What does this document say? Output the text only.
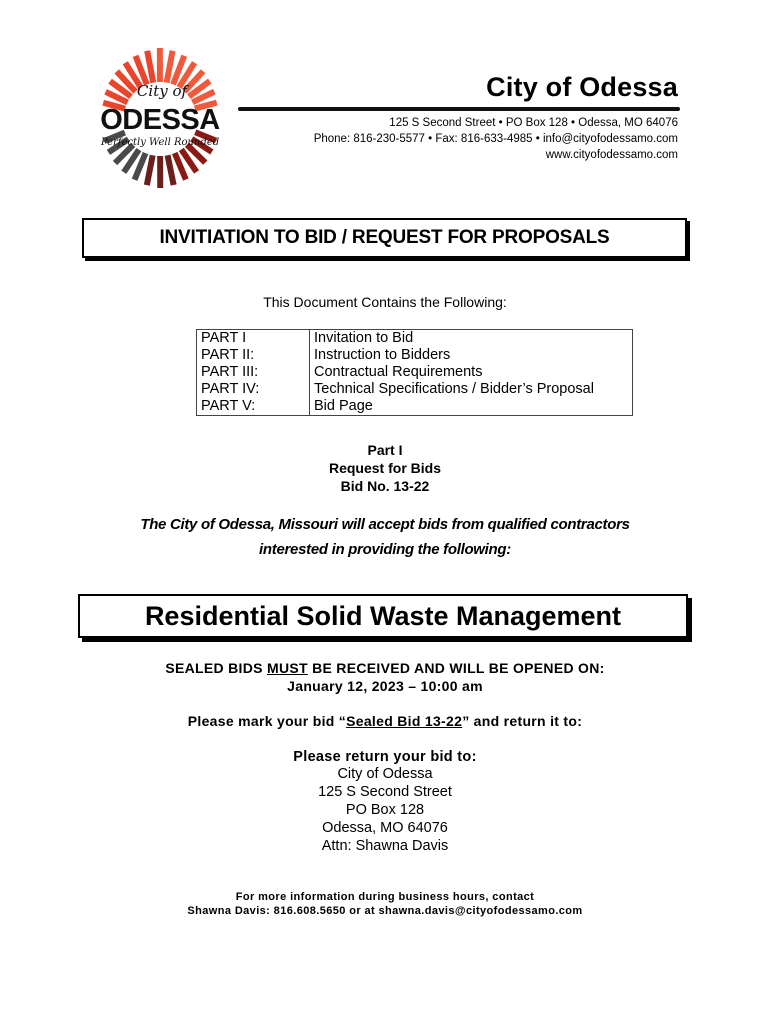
City of
ODESSA
Perfectly Well Rounded
City of Odessa
125 S Second Street • PO Box 128 • Odessa, MO 64076
Phone: 816-230-5577 • Fax: 816-633-4985 • info@cityofodessamo.com
www.cityofodessamo.com
INVITIATION TO BID / REQUEST FOR PROPOSALS
This Document Contains the Following:
PART I	Invitation to Bid
PART II:	Instruction to Bidders
PART III:	Contractual Requirements
PART IV:	Technical Specifications / Bidder’s Proposal
PART V:	Bid Page
Part I
Request for Bids
Bid No. 13-22
The City of Odessa, Missouri will accept bids from qualified contractors
interested in providing the following:
Residential Solid Waste Management
SEALED BIDS MUST BE RECEIVED AND WILL BE OPENED ON:
January 12, 2023 – 10:00 am
Please mark your bid “Sealed Bid 13-22” and return it to:
Please return your bid to:
City of Odessa
125 S Second Street
PO Box 128
Odessa, MO 64076
Attn: Shawna Davis
For more information during business hours, contact
Shawna Davis: 816.608.5650 or at shawna.davis@cityofodessamo.com
